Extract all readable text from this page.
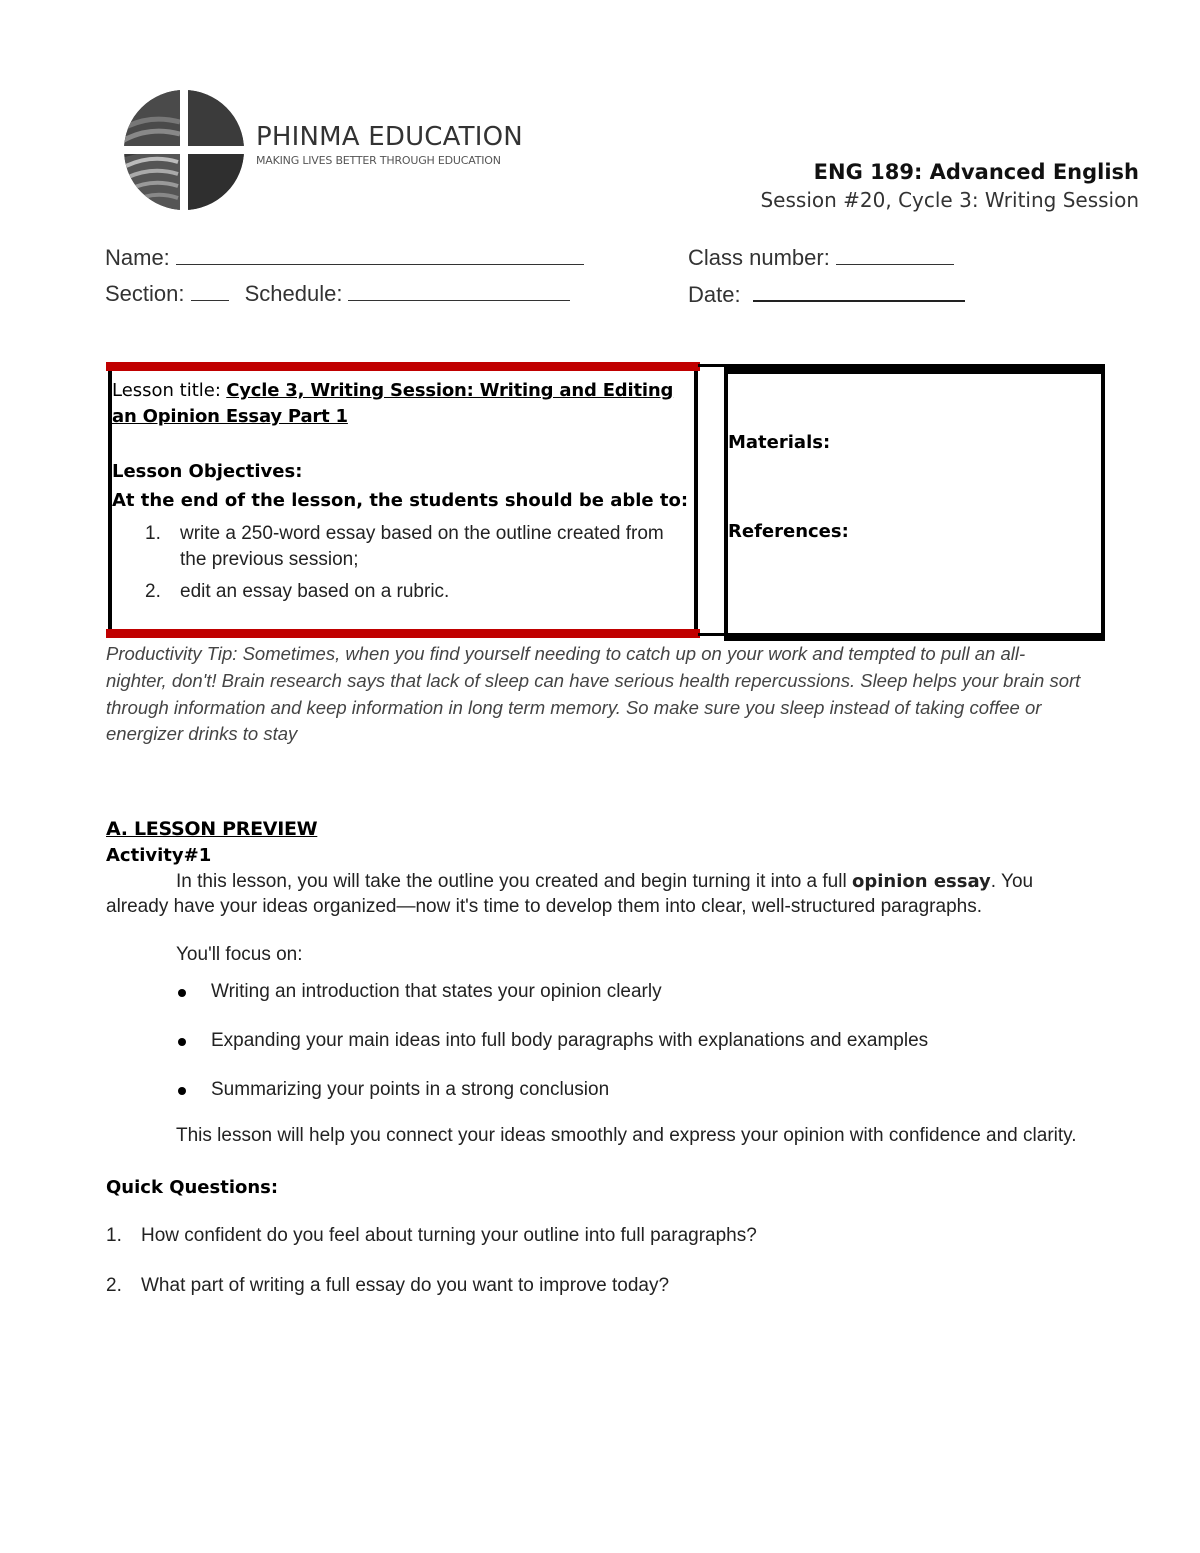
PHINMA EDUCATION
MAKING LIVES BETTER THROUGH EDUCATION	ENG 189: Advanced English
Session #20, Cycle 3: Writing Session
Name:	Class number:
Section:	Schedule:	Date:
Lesson title: Cycle 3, Writing Session: Writing and Editing an Opinion Essay Part 1
Lesson Objectives:
At the end of the lesson, the students should be able to:
1. write a 250-word essay based on the outline created from the previous session;
2. edit an essay based on a rubric.
Materials:
References:
Productivity Tip: Sometimes, when you find yourself needing to catch up on your work and tempted to pull an all-nighter, don't! Brain research says that lack of sleep can have serious health repercussions. Sleep helps your brain sort through information and keep information in long term memory. So make sure you sleep instead of taking coffee or energizer drinks to stay
A. LESSON PREVIEW
Activity#1

In this lesson, you will take the outline you created and begin turning it into a full opinion essay. You already have your ideas organized—now it's time to develop them into clear, well-structured paragraphs.

You'll focus on:
Writing an introduction that states your opinion clearly
Expanding your main ideas into full body paragraphs with explanations and examples
Summarizing your points in a strong conclusion

This lesson will help you connect your ideas smoothly and express your opinion with confidence and clarity.

Quick Questions:
1. How confident do you feel about turning your outline into full paragraphs?
2. What part of writing a full essay do you want to improve today?
